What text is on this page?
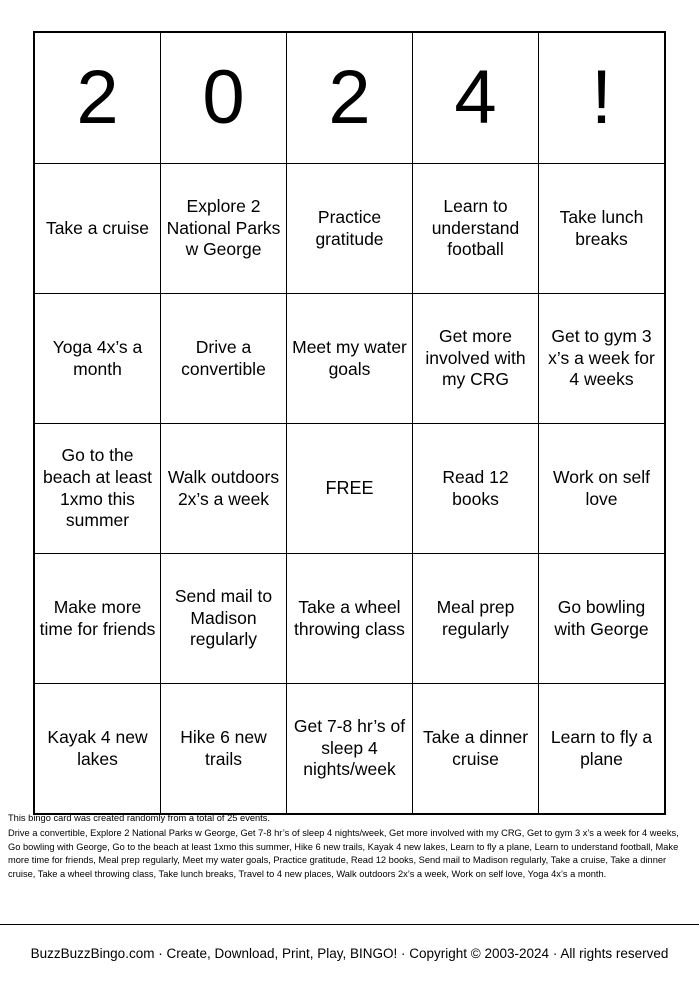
2	0	2	4	!
Take a cruise	Explore 2 National Parks w George	Practice gratitude	Learn to understand football	Take lunch breaks
Yoga 4x’s a month	Drive a convertible	Meet my water goals	Get more involved with my CRG	Get to gym 3 x’s a week for 4 weeks
Go to the beach at least 1xmo this summer	Walk outdoors 2x’s a week	FREE	Read 12 books	Work on self love
Make more time for friends	Send mail to Madison regularly	Take a wheel throwing class	Meal prep regularly	Go bowling with George
Kayak 4 new lakes	Hike 6 new trails	Get 7-8 hr’s of sleep 4 nights/week	Take a dinner cruise	Learn to fly a plane

This bingo card was created randomly from a total of 25 events.

Drive a convertible, Explore 2 National Parks w George, Get 7-8 hr’s of sleep 4 nights/week, Get more involved with my CRG, Get to gym 3 x’s a week for 4 weeks, Go bowling with George, Go to the beach at least 1xmo this summer, Hike 6 new trails, Kayak 4 new lakes, Learn to fly a plane, Learn to understand football, Make more time for friends, Meal prep regularly, Meet my water goals, Practice gratitude, Read 12 books, Send mail to Madison regularly, Take a cruise, Take a dinner cruise, Take a wheel throwing class, Take lunch breaks, Travel to 4 new places, Walk outdoors 2x’s a week, Work on self love, Yoga 4x’s a month.

BuzzBuzzBingo.com · Create, Download, Print, Play, BINGO! · Copyright © 2003-2024 · All rights reserved
